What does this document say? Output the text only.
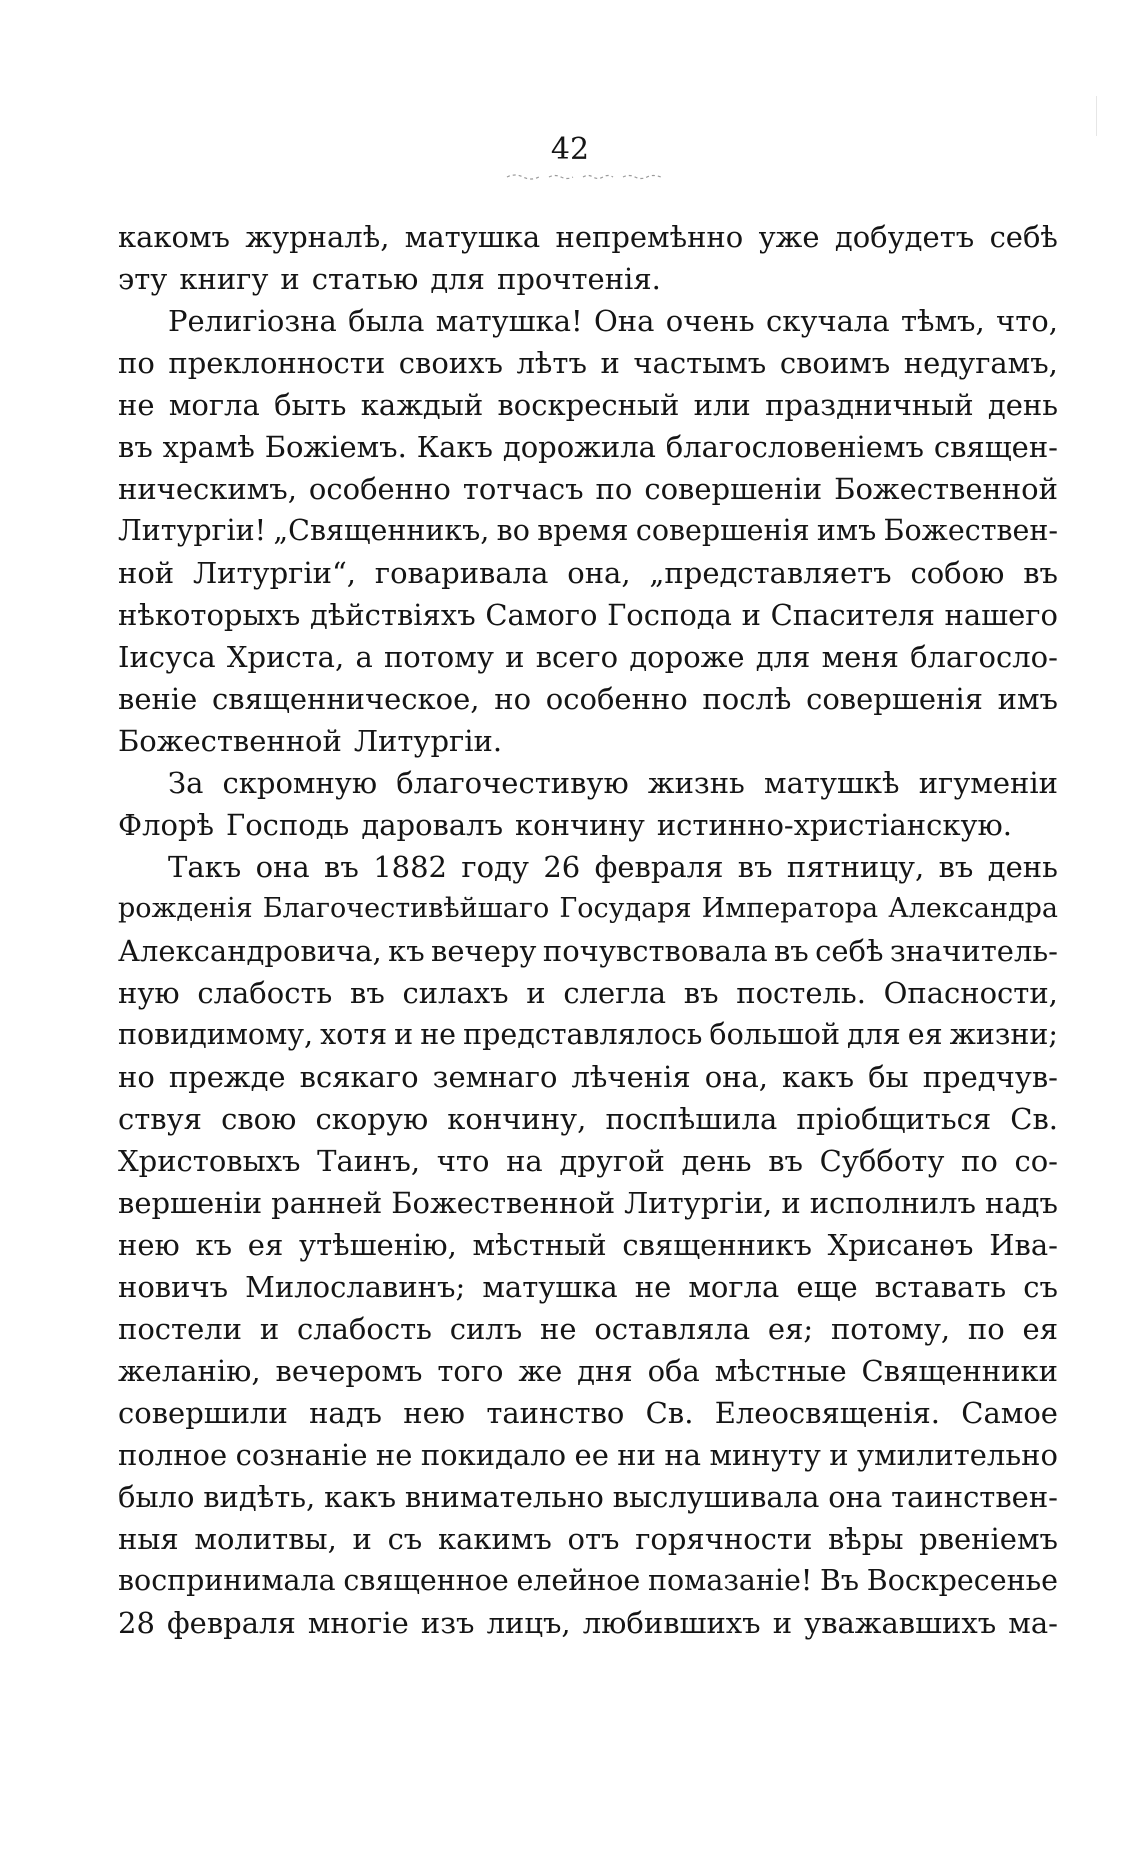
42
какомъ журналѣ, матушка непремѣнно уже добудетъ себѣ
эту книгу и статью для прочтенія.
Религіозна была матушка! Она очень скучала тѣмъ, что,
по преклонности своихъ лѣтъ и частымъ своимъ недугамъ,
не могла быть каждый воскресный или праздничный день
въ храмѣ Божіемъ. Какъ дорожила благословеніемъ священ-
ническимъ, особенно тотчасъ по совершеніи Божественной
Литургіи! „Священникъ, во время совершенія имъ Божествен-
ной Литургіи“, говаривала она, „представляетъ собою въ
нѣкоторыхъ дѣйствіяхъ Самого Господа и Спасителя нашего
Іисуса Христа, а потому и всего дороже для меня благосло-
веніе священническое, но особенно послѣ совершенія имъ
Божественной Литургіи.
За скромную благочестивую жизнь матушкѣ игуменіи
Флорѣ Господь даровалъ кончину истинно-христіанскую.
Такъ она въ 1882 году 26 февраля въ пятницу, въ день
рожденія Благочестивѣйшаго Государя Императора Александра
Александровича, къ вечеру почувствовала въ себѣ значитель-
ную слабость въ силахъ и слегла въ постель. Опасности,
повидимому, хотя и не представлялось большой для ея жизни;
но прежде всякаго земнаго лѣченія она, какъ бы предчув-
ствуя свою скорую кончину, поспѣшила пріобщиться Св.
Христовыхъ Таинъ, что на другой день въ Субботу по со-
вершеніи ранней Божественной Литургіи, и исполнилъ надъ
нею къ ея утѣшенію, мѣстный священникъ Хрисанѳъ Ива-
новичъ Милославинъ; матушка не могла еще вставать съ
постели и слабость силъ не оставляла ея; потому, по ея
желанію, вечеромъ того же дня оба мѣстные Священники
совершили надъ нею таинство Св. Елеосвященія. Самое
полное сознаніе не покидало ее ни на минуту и умилительно
было видѣть, какъ внимательно выслушивала она таинствен-
ныя молитвы, и съ какимъ отъ горячности вѣры рвеніемъ
воспринимала священное елейное помазаніе! Въ Воскресенье
28 февраля многіе изъ лицъ, любившихъ и уважавшихъ ма-
